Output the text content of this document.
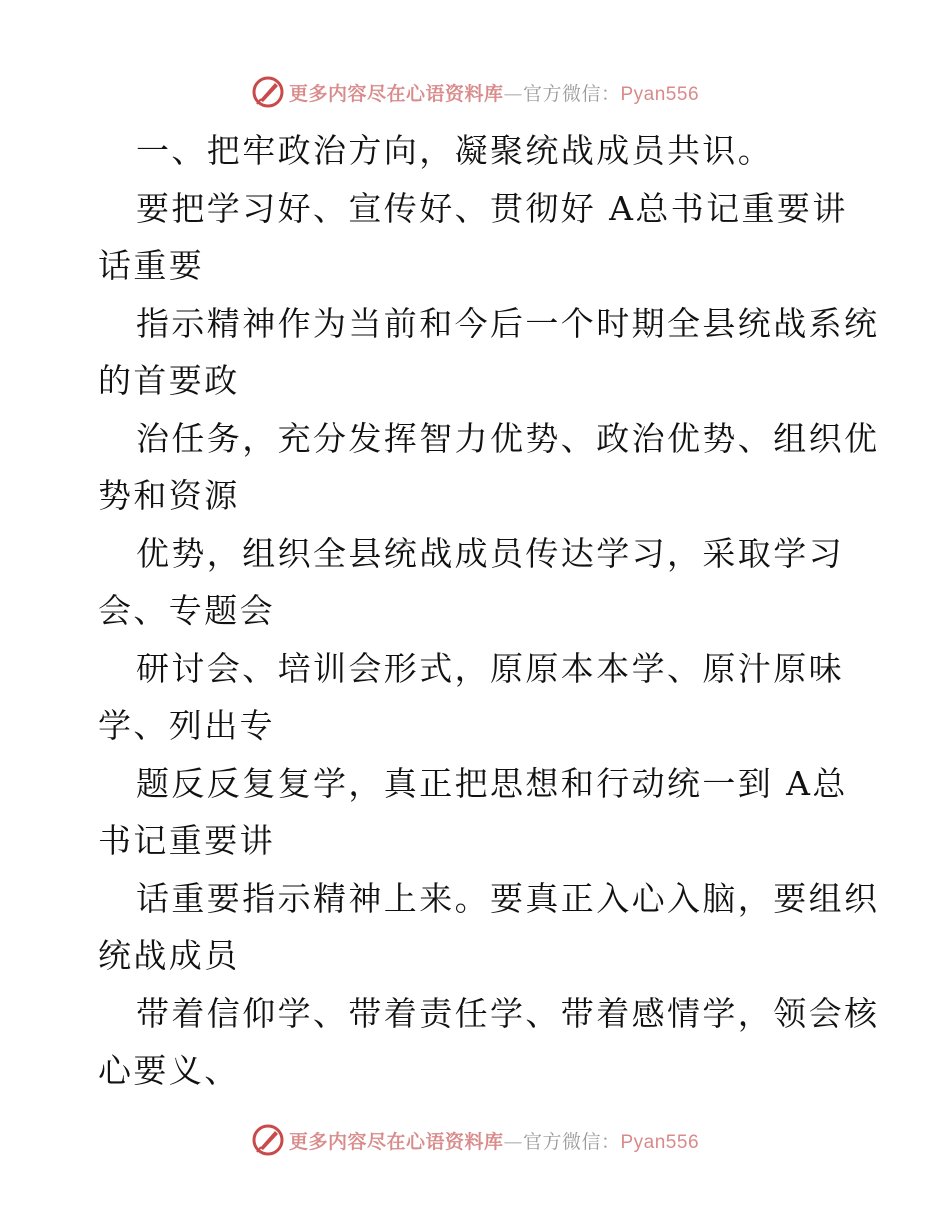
更多内容尽在心语资料库—官方微信：Pyan556
一、把牢政治方向，凝聚统战成员共识。
要把学习好、宣传好、贯彻好 A总书记重要讲
话重要
指示精神作为当前和今后一个时期全县统战系统
的首要政
治任务，充分发挥智力优势、政治优势、组织优
势和资源
优势，组织全县统战成员传达学习，采取学习
会、专题会
研讨会、培训会形式，原原本本学、原汁原味
学、列出专
题反反复复学，真正把思想和行动统一到 A总
书记重要讲
话重要指示精神上来。要真正入心入脑，要组织
统战成员
带着信仰学、带着责任学、带着感情学，领会核
心要义、
更多内容尽在心语资料库—官方微信：Pyan556
